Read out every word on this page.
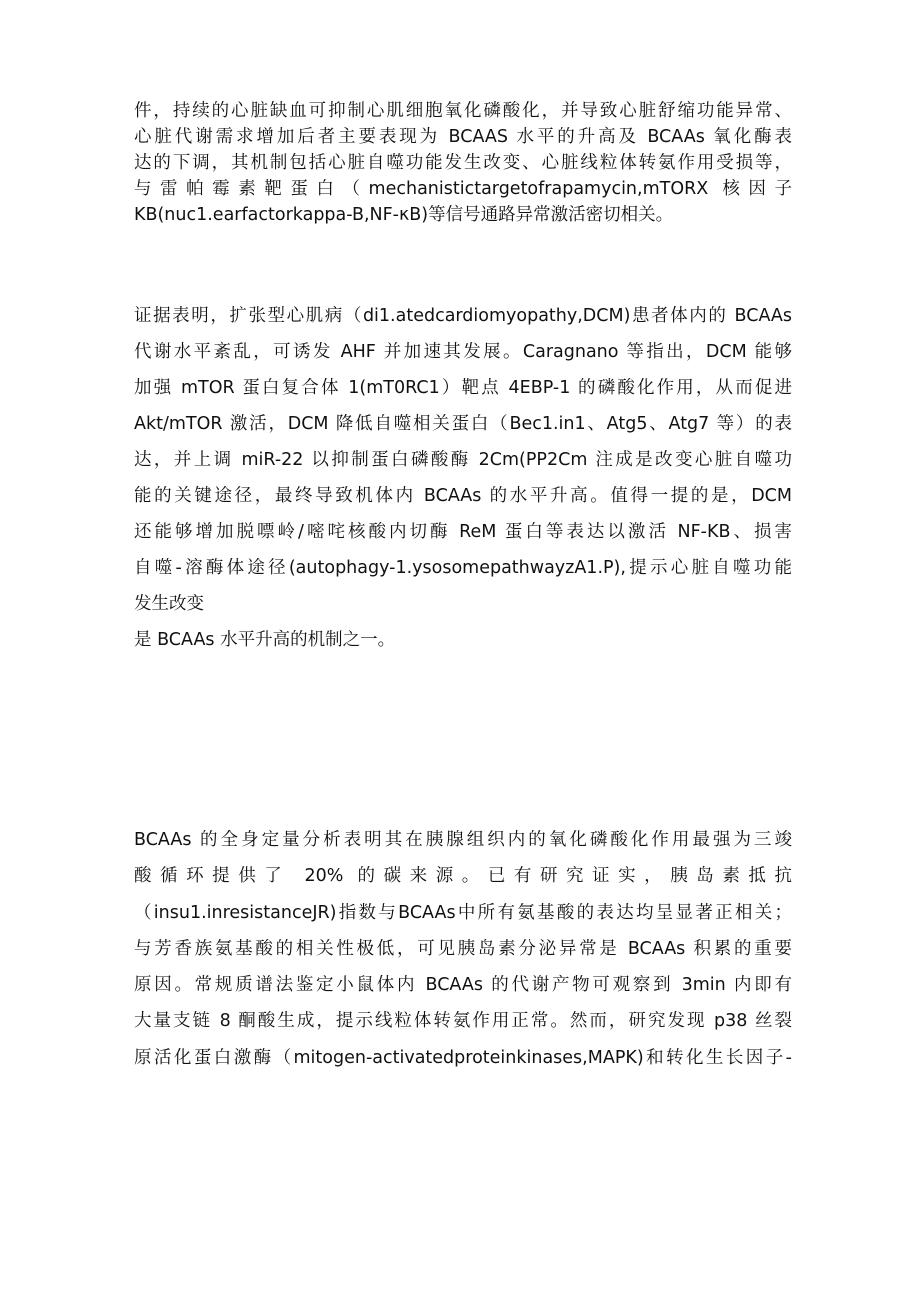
件，持续的心脏缺血可抑制心肌细胞氧化磷酸化，并导致心脏舒缩功能异常、
心脏代谢需求增加后者主要表现为 BCAAS 水平的升高及 BCAAs 氧化酶表
达的下调，其机制包括心脏自噬功能发生改变、心脏线粒体转氨作用受损等，
与雷帕霉素靶蛋白（mechanistictargetofrapamycin,mTORX 核因子
KB(nuc1.earfactorkappa-B,NF-κB)等信号通路异常激活密切相关。
证据表明，扩张型心肌病（di1.atedcardiomyopathy,DCM)患者体内的 BCAAs
代谢水平紊乱，可诱发 AHF 并加速其发展。Caragnano 等指出，DCM 能够
加强 mTOR 蛋白复合体 1(mT0RC1）靶点 4EBP-1 的磷酸化作用，从而促进
Akt/mTOR 激活，DCM 降低自噬相关蛋白（Bec1.in1、Atg5、Atg7 等）的表
达，并上调 miR-22 以抑制蛋白磷酸酶 2Cm(PP2Cm 注成是改变心脏自噬功
能的关键途径，最终导致机体内 BCAAs 的水平升高。值得一提的是，DCM
还能够增加脱嘌岭/嘧咤核酸内切酶 ReM 蛋白等表达以激活 NF-KB、损害
自噬-溶酶体途径(autophagy-1.ysosomepathwayzA1.P),提示心脏自噬功能
发生改变
是 BCAAs 水平升高的机制之一。
BCAAs 的全身定量分析表明其在胰腺组织内的氧化磷酸化作用最强为三竣
酸循环提供了 20% 的碳来源。已有研究证实，胰岛素抵抗
（insu1.inresistanceJR)指数与BCAAs中所有氨基酸的表达均呈显著正相关；
与芳香族氨基酸的相关性极低，可见胰岛素分泌异常是 BCAAs 积累的重要
原因。常规质谱法鉴定小鼠体内 BCAAs 的代谢产物可观察到 3min 内即有
大量支链 8 酮酸生成，提示线粒体转氨作用正常。然而，研究发现 p38 丝裂
原活化蛋白激酶（mitogen-activatedproteinkinases,MAPK)和转化生长因子-
